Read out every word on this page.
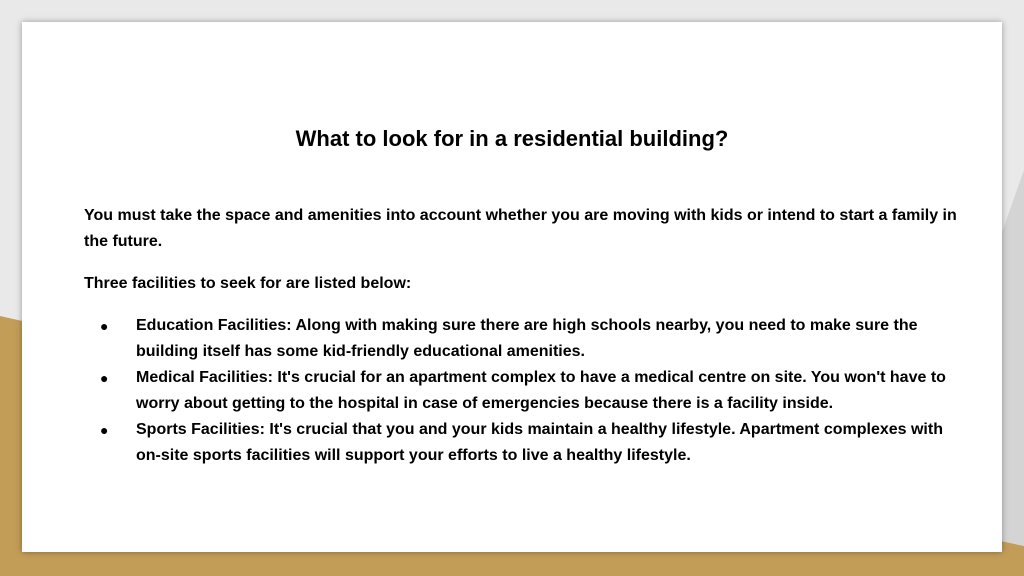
What to look for in a residential building?

You must take the space and amenities into account whether you are moving with kids or intend to start a family in the future.

Three facilities to seek for are listed below:

● Education Facilities: Along with making sure there are high schools nearby, you need to make sure the building itself has some kid-friendly educational amenities.
● Medical Facilities: It's crucial for an apartment complex to have a medical centre on site. You won't have to worry about getting to the hospital in case of emergencies because there is a facility inside.
● Sports Facilities: It's crucial that you and your kids maintain a healthy lifestyle. Apartment complexes with on-site sports facilities will support your efforts to live a healthy lifestyle.
